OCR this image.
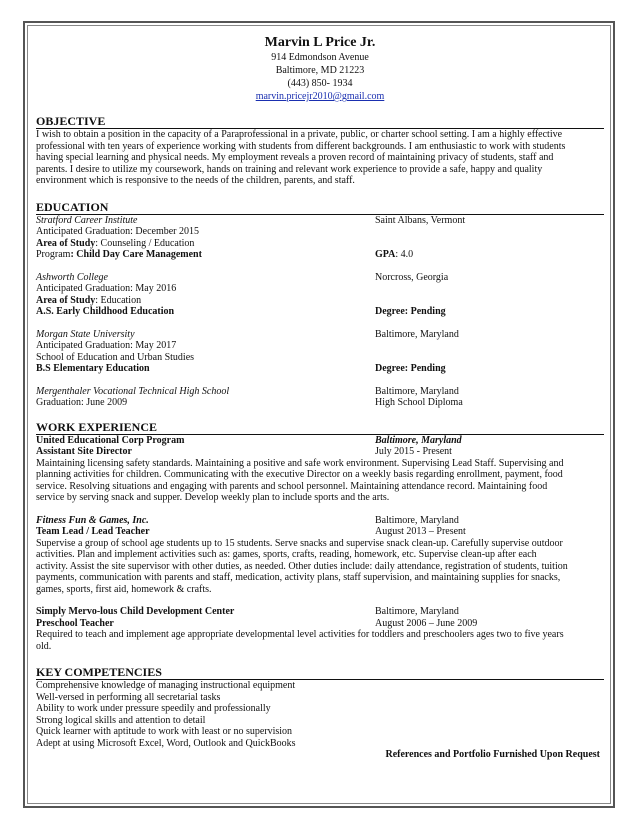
Marvin L Price Jr.
914 Edmondson Avenue
Baltimore, MD 21223
(443) 850- 1934
marvin.pricejr2010@gmail.com
OBJECTIVE

I wish to obtain a position in the capacity of a Paraprofessional in a private, public, or charter school setting. I am a highly effective

professional with ten years of experience working with students from different backgrounds. I am enthusiastic to work with students

having special learning and physical needs. My employment reveals a proven record of maintaining privacy of students, staff and

parents. I desire to utilize my coursework, hands on training and relevant work experience to provide a safe, happy and quality

environment which is responsive to the needs of the children, parents, and staff.

EDUCATION
Stratford Career Institute	Saint Albans, Vermont
Anticipated Graduation: December 2015
Area of Study: Counseling / Education
Program: Child Day Care Management	GPA: 4.0
Ashworth College	Norcross, Georgia
Anticipated Graduation: May 2016
Area of Study: Education
A.S. Early Childhood Education	Degree: Pending
Morgan State University	Baltimore, Maryland
Anticipated Graduation: May 2017
School of Education and Urban Studies
B.S Elementary Education	Degree: Pending
Mergenthaler Vocational Technical High School	Baltimore, Maryland
Graduation: June 2009	High School Diploma
WORK EXPERIENCE
United Educational Corp Program	Baltimore, Maryland
Assistant Site Director	July 2015 - Present

Maintaining licensing safety standards. Maintaining a positive and safe work environment. Supervising Lead Staff. Supervising and

planning activities for children. Communicating with the executive Director on a weekly basis regarding enrollment, payment, food

service. Resolving situations and engaging with parents and school personnel. Maintaining attendance record. Maintaining food

service by serving snack and supper. Develop weekly plan to include sports and the arts.

Fitness Fun & Games, Inc.	Baltimore, Maryland
Team Lead / Lead Teacher	August 2013 – Present

Supervise a group of school age students up to 15 students. Serve snacks and supervise snack clean-up. Carefully supervise outdoor

activities. Plan and implement activities such as: games, sports, crafts, reading, homework, etc. Supervise clean-up after each

activity. Assist the site supervisor with other duties, as needed. Other duties include: daily attendance, registration of students, tuition

payments, communication with parents and staff, medication, activity plans, staff supervision, and maintaining supplies for snacks,

games, sports, first aid, homework & crafts.

Simply Mervo-lous Child Development Center	Baltimore, Maryland
Preschool Teacher	August 2006 – June 2009

Required to teach and implement age appropriate developmental level activities for toddlers and preschoolers ages two to five years

old.

KEY COMPETENCIES
Comprehensive knowledge of managing instructional equipment
Well-versed in performing all secretarial tasks
Ability to work under pressure speedily and professionally
Strong logical skills and attention to detail
Quick learner with aptitude to work with least or no supervision
Adept at using Microsoft Excel, Word, Outlook and QuickBooks
References and Portfolio Furnished Upon Request
